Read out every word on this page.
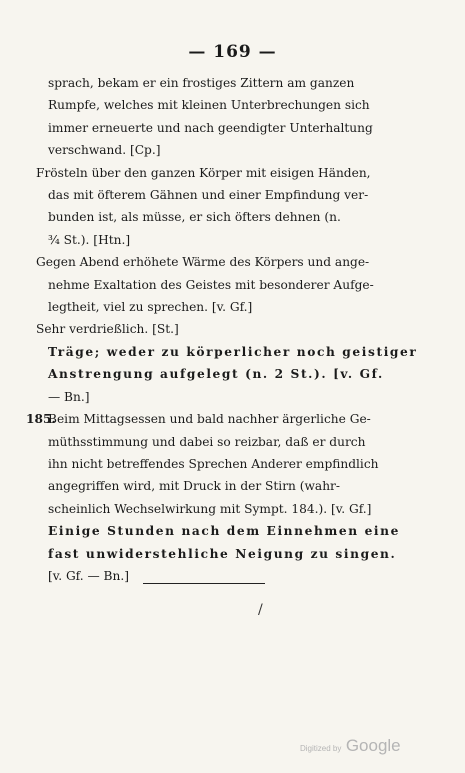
— 169 —
sprach, bekam er ein frostiges Zittern am ganzen
Rumpfe, welches mit kleinen Unterbrechungen sich
immer erneuerte und nach geendigter Unterhaltung
verschwand. [Cp.]
Frösteln über den ganzen Körper mit eisigen Händen,
das mit öfterem Gähnen und einer Empfindung ver-
bunden ist, als müsse, er sich öfters dehnen (n.
¾ St.). [Htn.]
Gegen Abend erhöhete Wärme des Körpers und ange-
nehme Exaltation des Geistes mit besonderer Aufge-
legtheit, viel zu sprechen. [v. Gf.]
Sehr verdrießlich. [St.]
Träge; weder zu körperlicher noch geistiger
Anstrengung aufgelegt (n. 2 St.). [v. Gf.
— Bn.]
185.
Beim Mittagsessen und bald nachher ärgerliche Ge-
müthsstimmung und dabei so reizbar, daß er durch
ihn nicht betreffendes Sprechen Anderer empfindlich
angegriffen wird, mit Druck in der Stirn (wahr-
scheinlich Wechselwirkung mit Sympt. 184.). [v. Gf.]
Einige Stunden nach dem Einnehmen eine
fast unwiderstehliche Neigung zu singen.
[v. Gf. — Bn.]
/
Digitized by Google
